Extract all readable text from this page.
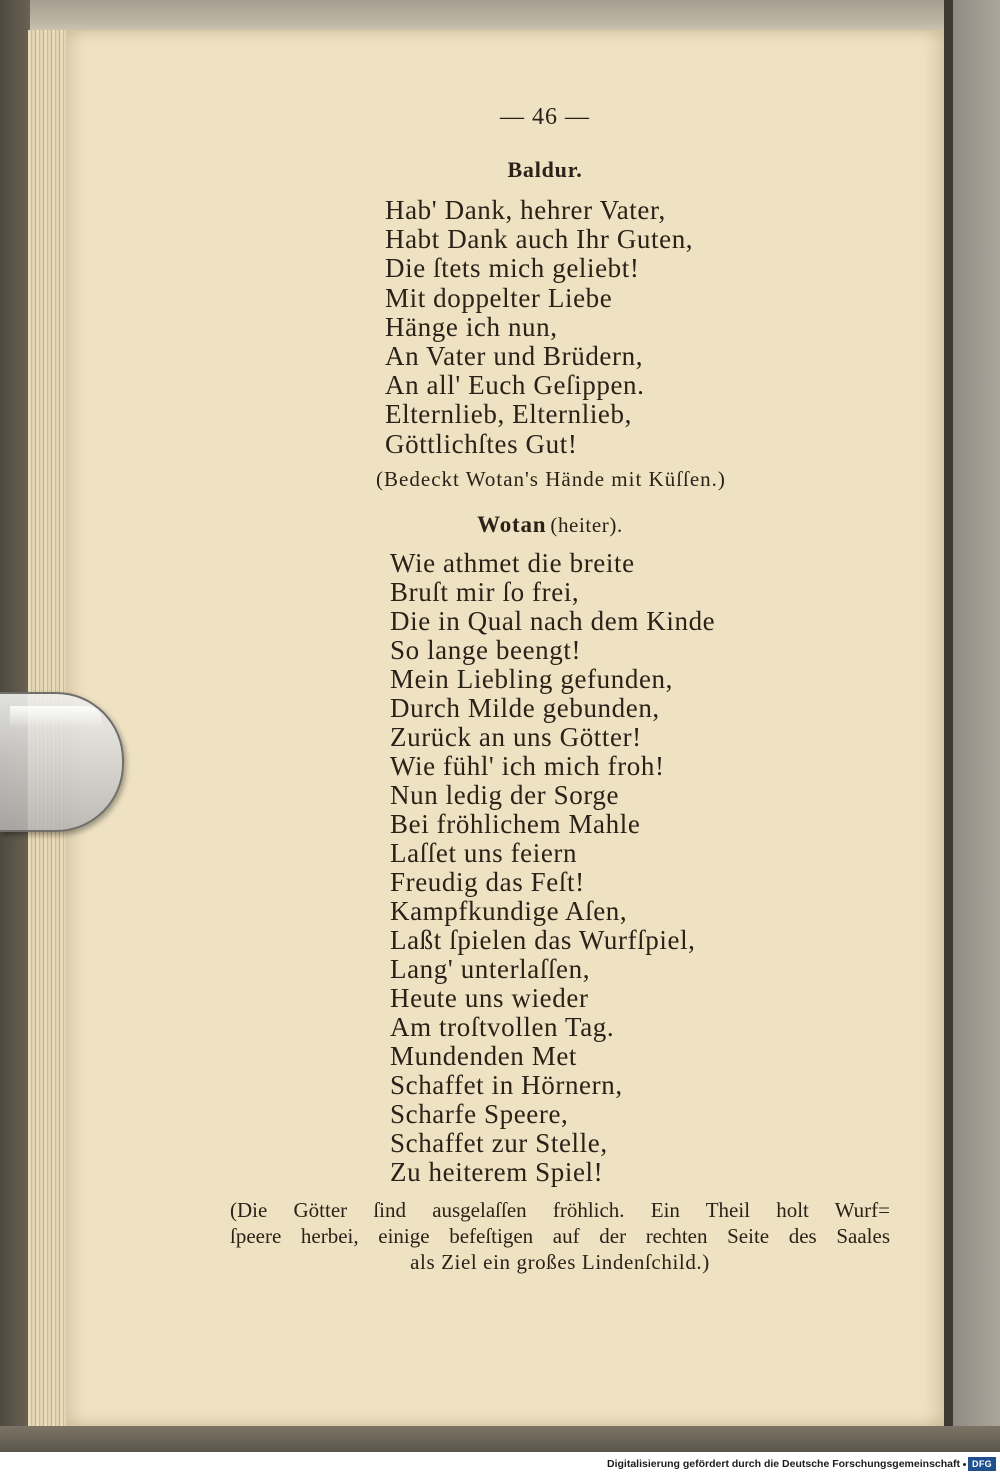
— 46 —
Baldur.
Hab' Dank, hehrer Vater,
Habt Dank auch Ihr Guten,
Die ſtets mich geliebt!
Mit doppelter Liebe
Hänge ich nun,
An Vater und Brüdern,
An all' Euch Geſippen.
Elternlieb, Elternlieb,
Göttlichſtes Gut!
(Bedeckt Wotan's Hände mit Küſſen.)
Wotan (heiter).
Wie athmet die breite
Bruſt mir ſo frei,
Die in Qual nach dem Kinde
So lange beengt!
Mein Liebling gefunden,
Durch Milde gebunden,
Zurück an uns Götter!
Wie fühl' ich mich froh!
Nun ledig der Sorge
Bei fröhlichem Mahle
Laſſet uns feiern
Freudig das Feſt!
Kampfkundige Aſen,
Laßt ſpielen das Wurfſpiel,
Lang' unterlaſſen,
Heute uns wieder
Am troſtvollen Tag.
Mundenden Met
Schaffet in Hörnern,
Scharfe Speere,
Schaffet zur Stelle,
Zu heiterem Spiel!
(Die Götter ſind ausgelaſſen fröhlich. Ein Theil holt Wurf=
ſpeere herbei, einige befeſtigen auf der rechten Seite des Saales
als Ziel ein großes Lindenſchild.)
Digitalisierung gefördert durch die Deutsche Forschungsgemeinschaft	DFG
